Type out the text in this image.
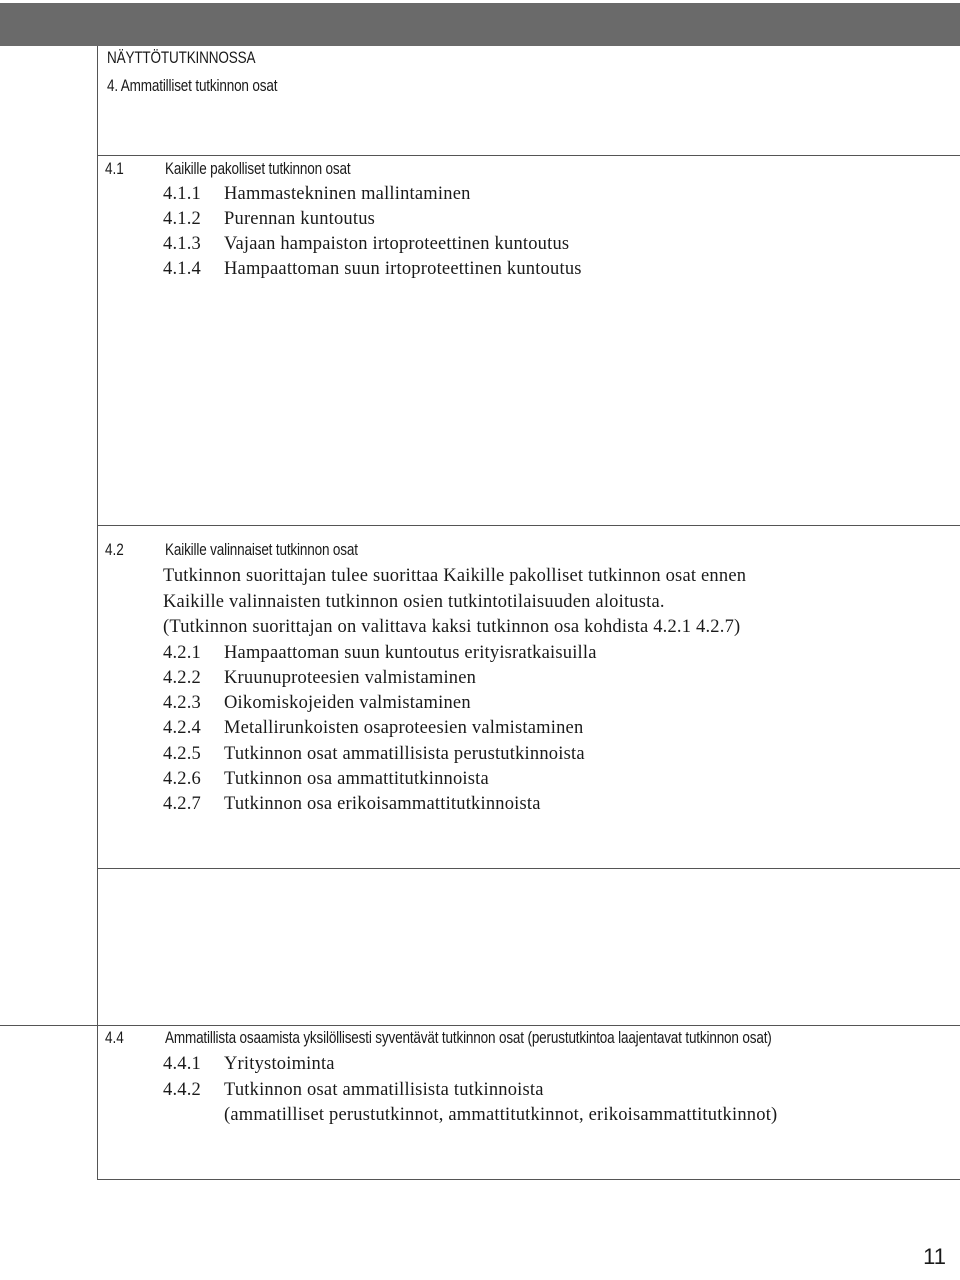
NÄYTTÖTUTKINNOSSA
4. Ammatilliset tutkinnon osat
4.1 Kaikille pakolliset tutkinnon osat
4.1.1 Hammastekninen mallintaminen
4.1.2 Purennan kuntoutus
4.1.3 Vajaan hampaiston irtoproteettinen kuntoutus
4.1.4 Hampaattoman suun irtoproteettinen kuntoutus
4.2 Kaikille valinnaiset tutkinnon osat
Tutkinnon suorittajan tulee suorittaa Kaikille pakolliset tutkinnon osat ennen
Kaikille valinnaisten tutkinnon osien tutkintotilaisuuden aloitusta.
(Tutkinnon suorittajan on valittava kaksi tutkinnon osa kohdista 4.2.1 4.2.7)
4.2.1 Hampaattoman suun kuntoutus erityisratkaisuilla
4.2.2 Kruunuproteesien valmistaminen
4.2.3 Oikomiskojeiden valmistaminen
4.2.4 Metallirunkoisten osaproteesien valmistaminen
4.2.5 Tutkinnon osat ammatillisista perustutkinnoista
4.2.6 Tutkinnon osa ammattitutkinnoista
4.2.7 Tutkinnon osa erikoisammattitutkinnoista
4.4 Ammatillista osaamista yksilöllisesti syventävät tutkinnon osat (perustutkintoa laajentavat tutkinnon osat)
4.4.1 Yritystoiminta
4.4.2 Tutkinnon osat ammatillisista tutkinnoista
(ammatilliset perustutkinnot, ammattitutkinnot, erikoisammattitutkinnot)
11
